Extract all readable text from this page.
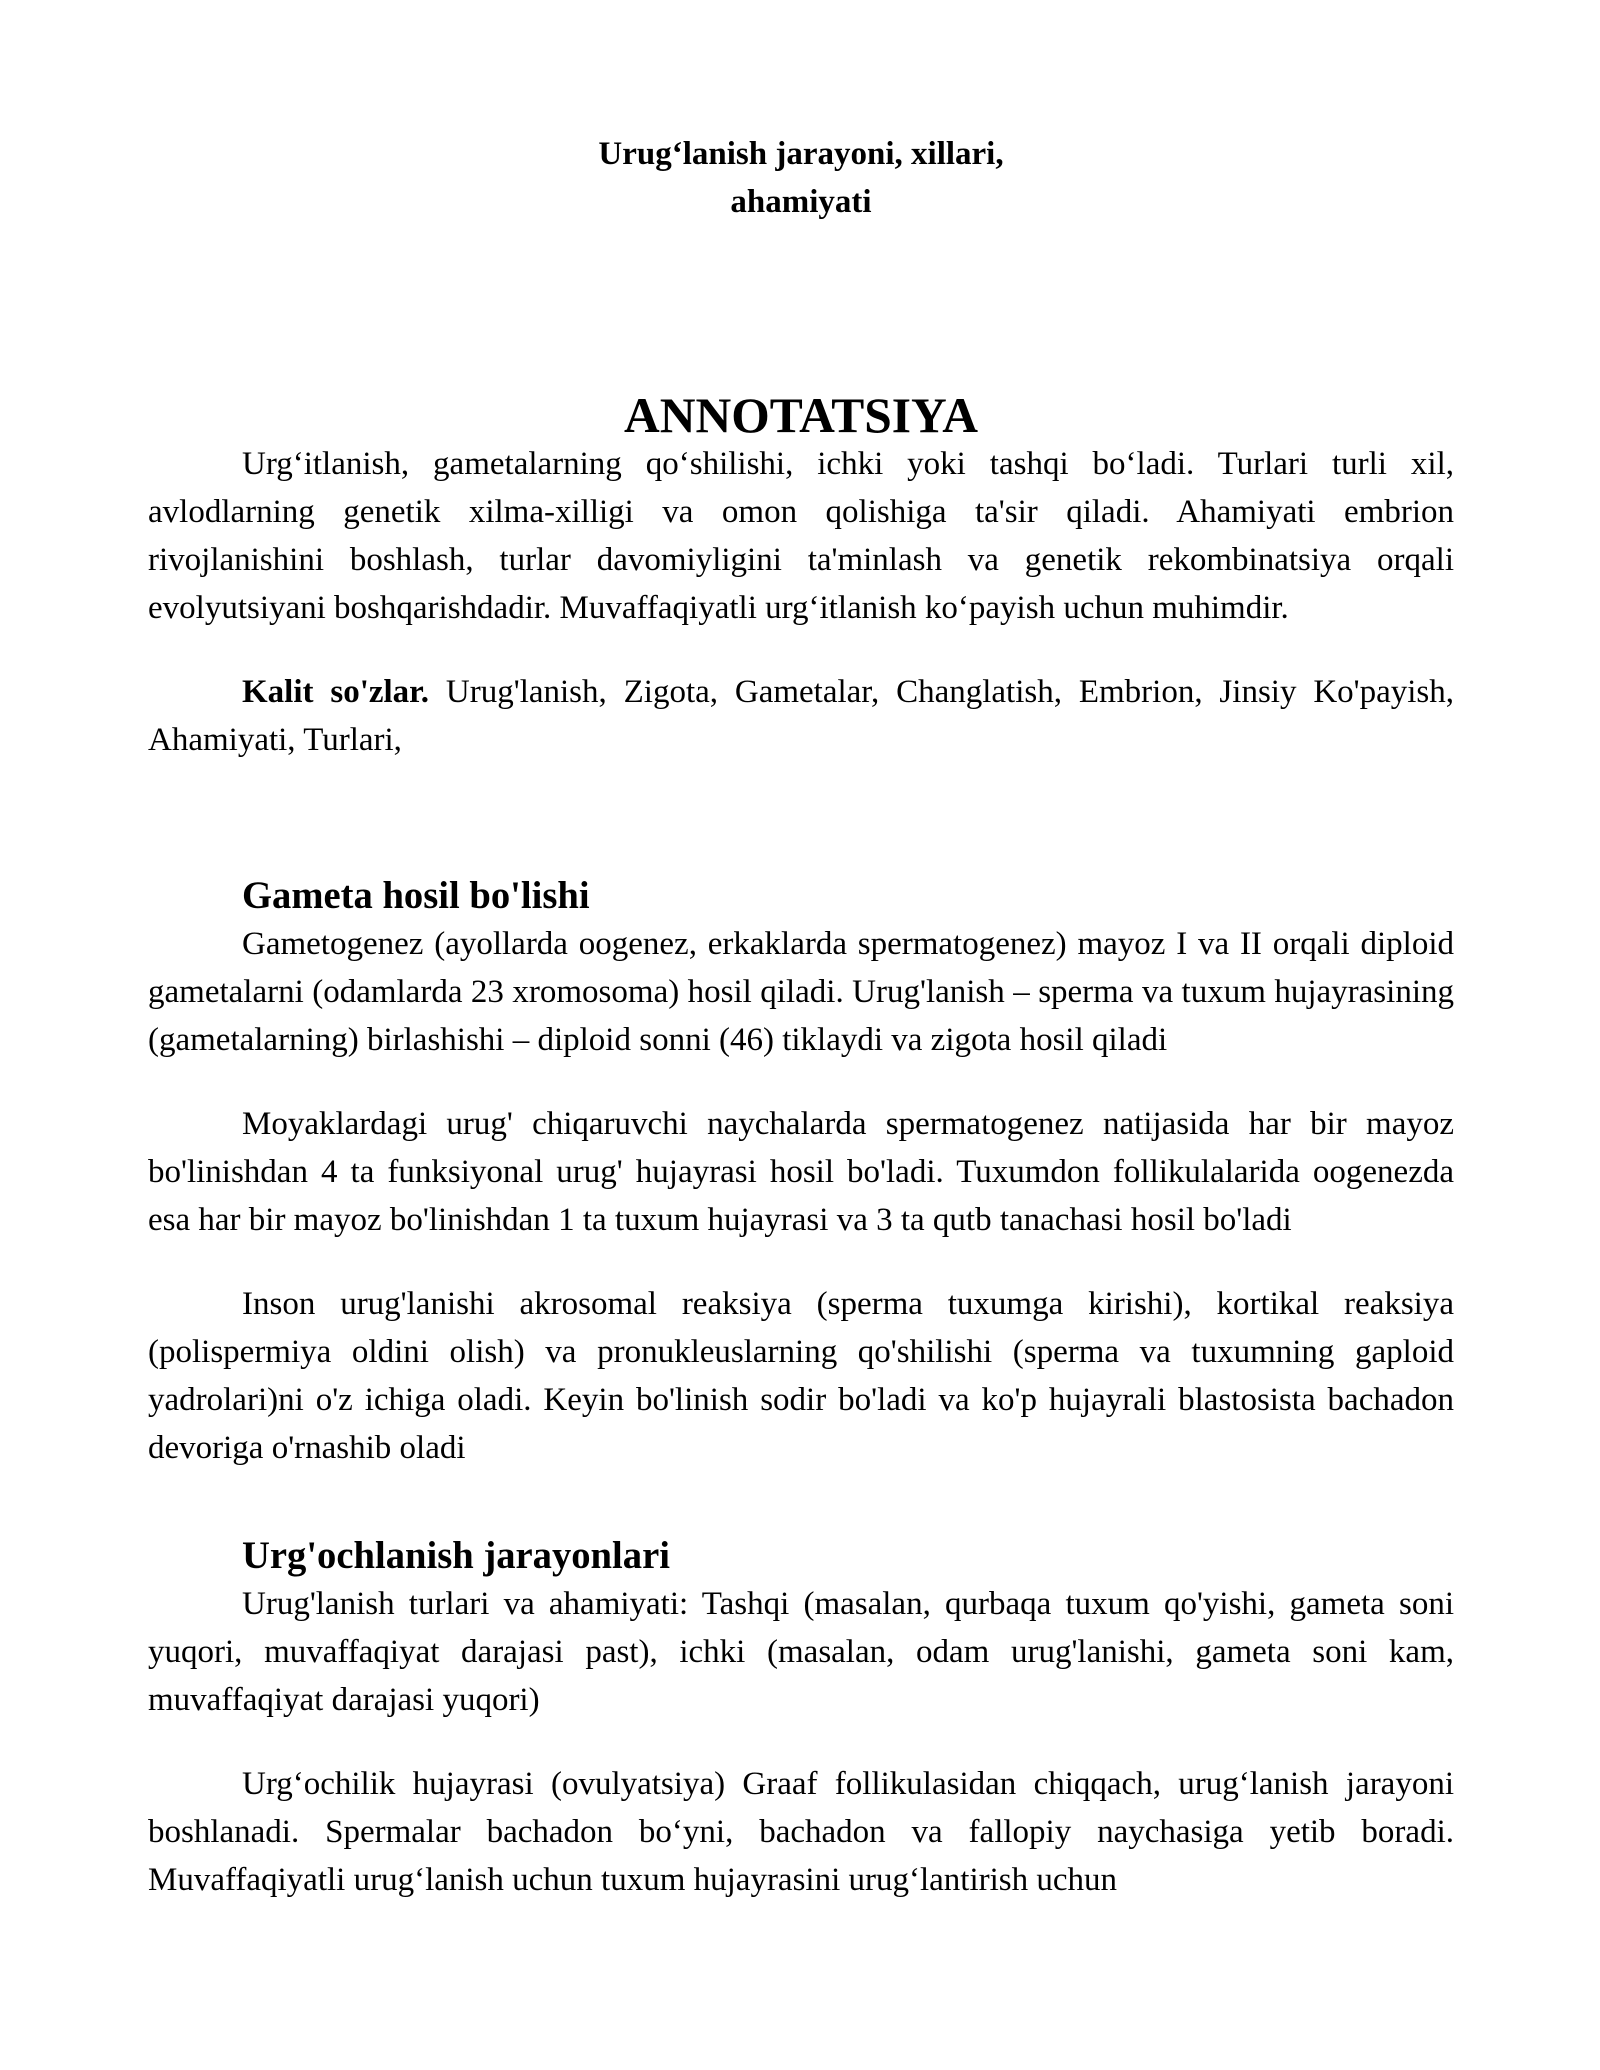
Urug‘lanish jarayoni, xillari,
ahamiyati
ANNOTATSIYA

Urg‘itlanish, gametalarning qo‘shilishi, ichki yoki tashqi bo‘ladi. Turlari turli xil, avlodlarning genetik xilma-xilligi va omon qolishiga ta'sir qiladi. Ahamiyati embrion rivojlanishini boshlash, turlar davomiyligini ta'minlash va genetik rekombinatsiya orqali evolyutsiyani boshqarishdadir. Muvaffaqiyatli urg‘itlanish ko‘payish uchun muhimdir.

Kalit so'zlar. Urug'lanish, Zigota, Gametalar, Changlatish, Embrion, Jinsiy Ko'payish, Ahamiyati, Turlari,

Gameta hosil bo'lishi

Gametogenez (ayollarda oogenez, erkaklarda spermatogenez) mayoz I va II orqali diploid gametalarni (odamlarda 23 xromosoma) hosil qiladi. Urug'lanish – sperma va tuxum hujayrasining (gametalarning) birlashishi – diploid sonni (46) tiklaydi va zigota hosil qiladi

Moyaklardagi urug' chiqaruvchi naychalarda spermatogenez natijasida har bir mayoz bo'linishdan 4 ta funksiyonal urug' hujayrasi hosil bo'ladi. Tuxumdon follikulalarida oogenezda esa har bir mayoz bo'linishdan 1 ta tuxum hujayrasi va 3 ta qutb tanachasi hosil bo'ladi

Inson urug'lanishi akrosomal reaksiya (sperma tuxumga kirishi), kortikal reaksiya (polispermiya oldini olish) va pronukleuslarning qo'shilishi (sperma va tuxumning gaploid yadrolari)ni o'z ichiga oladi. Keyin bo'linish sodir bo'ladi va ko'p hujayrali blastosista bachadon devoriga o'rnashib oladi

Urg'ochlanish jarayonlari

Urug'lanish turlari va ahamiyati: Tashqi (masalan, qurbaqa tuxum qo'yishi, gameta soni yuqori, muvaffaqiyat darajasi past), ichki (masalan, odam urug'lanishi, gameta soni kam, muvaffaqiyat darajasi yuqori)

Urg‘ochilik hujayrasi (ovulyatsiya) Graaf follikulasidan chiqqach, urug‘lanish jarayoni boshlanadi. Spermalar bachadon bo‘yni, bachadon va fallopiy naychasiga yetib boradi. Muvaffaqiyatli urug‘lanish uchun tuxum hujayrasini urug‘lantirish uchun
